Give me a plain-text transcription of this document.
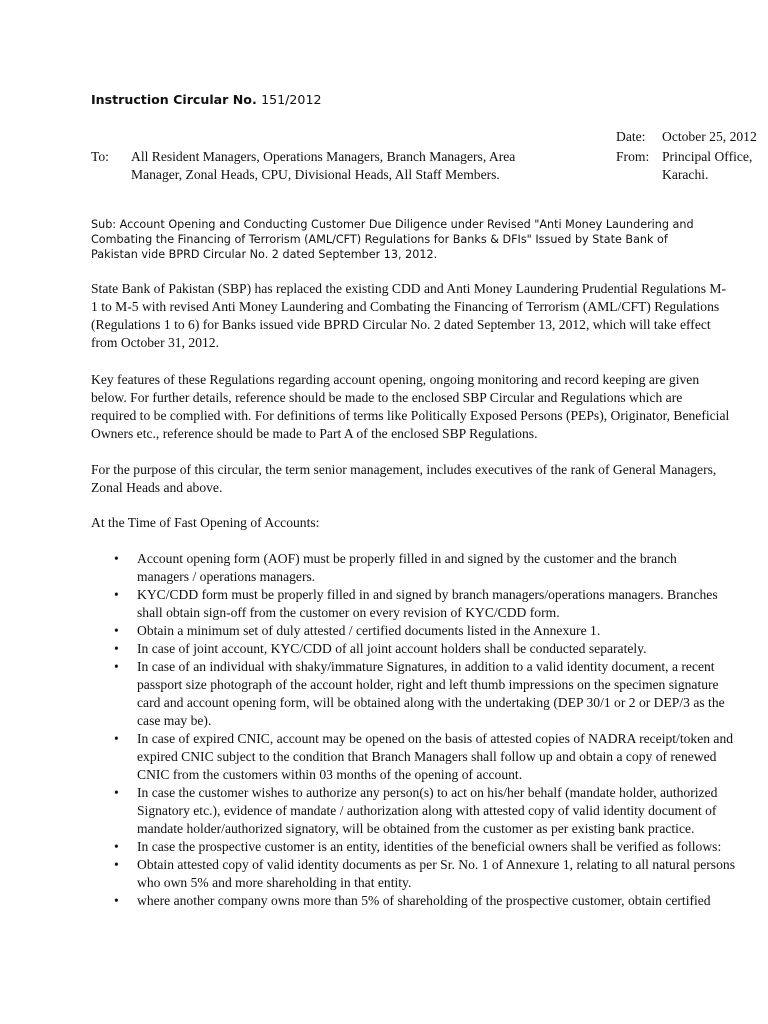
Instruction Circular No. 151/2012
Date: October 25, 2012
To: All Resident Managers, Operations Managers, Branch Managers, Area
Manager, Zonal Heads, CPU, Divisional Heads, All Staff Members.
From: Principal Office,
Karachi.
Sub: Account Opening and Conducting Customer Due Diligence under Revised "Anti Money Laundering and
Combating the Financing of Terrorism (AML/CFT) Regulations for Banks & DFIs" Issued by State Bank of
Pakistan vide BPRD Circular No. 2 dated September 13, 2012.
State Bank of Pakistan (SBP) has replaced the existing CDD and Anti Money Laundering Prudential Regulations M-
1 to M-5 with revised Anti Money Laundering and Combating the Financing of Terrorism (AML/CFT) Regulations
(Regulations 1 to 6) for Banks issued vide BPRD Circular No. 2 dated September 13, 2012, which will take effect
from October 31, 2012.
Key features of these Regulations regarding account opening, ongoing monitoring and record keeping are given
below. For further details, reference should be made to the enclosed SBP Circular and Regulations which are
required to be complied with. For definitions of terms like Politically Exposed Persons (PEPs), Originator, Beneficial
Owners etc., reference should be made to Part A of the enclosed SBP Regulations.
For the purpose of this circular, the term senior management, includes executives of the rank of General Managers,
Zonal Heads and above.
At the Time of Fast Opening of Accounts:
• Account opening form (AOF) must be properly filled in and signed by the customer and the branch
managers / operations managers.
• KYC/CDD form must be properly filled in and signed by branch managers/operations managers. Branches
shall obtain sign-off from the customer on every revision of KYC/CDD form.
• Obtain a minimum set of duly attested / certified documents listed in the Annexure 1.
• In case of joint account, KYC/CDD of all joint account holders shall be conducted separately.
• In case of an individual with shaky/immature Signatures, in addition to a valid identity document, a recent
passport size photograph of the account holder, right and left thumb impressions on the specimen signature
card and account opening form, will be obtained along with the undertaking (DEP 30/1 or 2 or DEP/3 as the
case may be).
• In case of expired CNIC, account may be opened on the basis of attested copies of NADRA receipt/token and
expired CNIC subject to the condition that Branch Managers shall follow up and obtain a copy of renewed
CNIC from the customers within 03 months of the opening of account.
• In case the customer wishes to authorize any person(s) to act on his/her behalf (mandate holder, authorized
Signatory etc.), evidence of mandate / authorization along with attested copy of valid identity document of
mandate holder/authorized signatory, will be obtained from the customer as per existing bank practice.
• In case the prospective customer is an entity, identities of the beneficial owners shall be verified as follows:
• Obtain attested copy of valid identity documents as per Sr. No. 1 of Annexure 1, relating to all natural persons
who own 5% and more shareholding in that entity.
• where another company owns more than 5% of shareholding of the prospective customer, obtain certified
